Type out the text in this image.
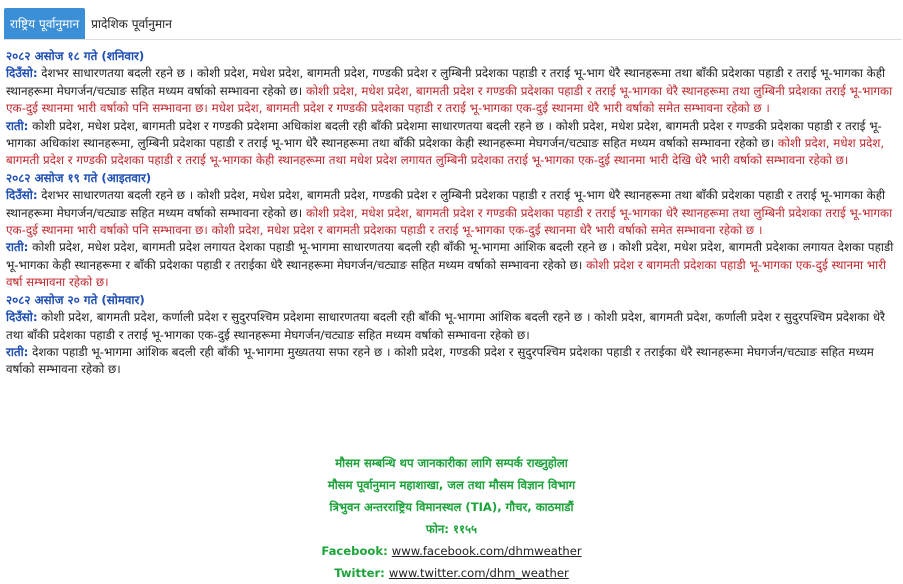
राष्ट्रिय पूर्वानुमान	प्रादेशिक पूर्वानुमान
२०८२ असोज १८ गते (शनिवार)

दिउँसो: देशभर साधारणतया बदली रहने छ । कोशी प्रदेश, मधेश प्रदेश, बागमती प्रदेश, गण्डकी प्रदेश र लुम्बिनी प्रदेशका पहाडी र तराई भू-भाग धेरै स्थानहरूमा तथा बाँकी प्रदेशका पहाडी र तराई भू-भागका केही स्थानहरूमा मेघगर्जन/चट्याङ सहित मध्यम वर्षाको सम्भावना रहेको छ। कोशी प्रदेश, मधेश प्रदेश, बागमती प्रदेश र गण्डकी प्रदेशका पहाडी र तराई भू-भागका धेरै स्थानहरूमा तथा लुम्बिनी प्रदेशका तराई भू-भागका एक-दुई स्थानमा भारी वर्षाको पनि सम्भावना छ। मधेश प्रदेश, बागमती प्रदेश र गण्डकी प्रदेशका पहाडी र तराई भू-भागका एक-दुई स्थानमा धेरै भारी वर्षाको समेत सम्भावना रहेको छ ।

राती: कोशी प्रदेश, मधेश प्रदेश, बागमती प्रदेश र गण्डकी प्रदेशमा अधिकांश बदली रही बाँकी प्रदेशमा साधारणतया बदली रहने छ । कोशी प्रदेश, मधेश प्रदेश, बागमती प्रदेश र गण्डकी प्रदेशका पहाडी र तराई भू-भागका अधिकांश स्थानहरूमा, लुम्बिनी प्रदेशका पहाडी र तराई भू-भाग धेरै स्थानहरूमा तथा बाँकी प्रदेशका केही स्थानहरूमा मेघगर्जन/चट्याङ सहित मध्यम वर्षाको सम्भावना रहेको छ। कोशी प्रदेश, मधेश प्रदेश, बागमती प्रदेश र गण्डकी प्रदेशका पहाडी र तराई भू-भागका केही स्थानहरूमा तथा मधेश प्रदेश लगायत लुम्बिनी प्रदेशका तराई भू-भागका एक-दुई स्थानमा भारी देखि धेरै भारी वर्षाको सम्भावना रहेको छ।

२०८२ असोज १९ गते (आइतवार)

दिउँसो: देशभर साधारणतया बदली रहने छ । कोशी प्रदेश, मधेश प्रदेश, बागमती प्रदेश, गण्डकी प्रदेश र लुम्बिनी प्रदेशका पहाडी र तराई भू-भाग धेरै स्थानहरूमा तथा बाँकी प्रदेशका पहाडी र तराई भू-भागका केही स्थानहरूमा मेघगर्जन/चट्याङ सहित मध्यम वर्षाको सम्भावना रहेको छ। कोशी प्रदेश, मधेश प्रदेश, बागमती प्रदेश र गण्डकी प्रदेशका पहाडी र तराई भू-भागका धेरै स्थानहरूमा तथा लुम्बिनी प्रदेशका तराई भू-भागका एक-दुई स्थानमा भारी वर्षाको पनि सम्भावना छ। कोशी प्रदेश, मधेश प्रदेश र बागमती प्रदेशका पहाडी र तराई भू-भागका एक-दुई स्थानमा धेरै भारी वर्षाको समेत सम्भावना रहेको छ ।

राती: कोशी प्रदेश, मधेश प्रदेश, बागमती प्रदेश लगायत देशका पहाडी भू-भागमा साधारणतया बदली रही बाँकी भू-भागमा आंशिक बदली रहने छ । कोशी प्रदेश, मधेश प्रदेश, बागमती प्रदेशका लगायत देशका पहाडी भू-भागका केही स्थानहरूमा र बाँकी प्रदेशका पहाडी र तराईका धेरै स्थानहरूमा मेघगर्जन/चट्याङ सहित मध्यम वर्षाको सम्भावना रहेको छ। कोशी प्रदेश र बागमती प्रदेशका पहाडी भू-भागका एक-दुई स्थानमा भारी वर्षा सम्भावना रहेको छ।

२०८२ असोज २० गते (सोमवार)

दिउँसो: कोशी प्रदेश, बागमती प्रदेश, कर्णाली प्रदेश र सुदुरपश्चिम प्रदेशमा साधारणतया बदली रही बाँकी भू-भागमा आंशिक बदली रहने छ । कोशी प्रदेश, बागमती प्रदेश, कर्णाली प्रदेश र सुदुरपश्चिम प्रदेशका धेरै तथा बाँकी प्रदेशका पहाडी र तराई भू-भागका एक-दुई स्थानहरूमा मेघगर्जन/चट्याङ सहित मध्यम वर्षाको सम्भावना रहेको छ।

राती: देशका पहाडी भू-भागमा आंशिक बदली रही बाँकी भू-भागमा मुख्यतया सफा रहने छ । कोशी प्रदेश, गण्डकी प्रदेश र सुदुरपश्चिम प्रदेशका पहाडी र तराईका धेरै स्थानहरूमा मेघगर्जन/चट्याङ सहित मध्यम वर्षाको सम्भावना रहेको छ।

मौसम सम्बन्धि थप जानकारीका लागि सम्पर्क राख्नुहोला
मौसम पूर्वानुमान महाशाखा, जल तथा मौसम विज्ञान विभाग
त्रिभुवन अन्तरराष्ट्रिय विमानस्थल (TIA), गौचर, काठमाडौं
फोन: ११५५
Facebook: www.facebook.com/dhmweather
Twitter: www.twitter.com/dhm_weather
